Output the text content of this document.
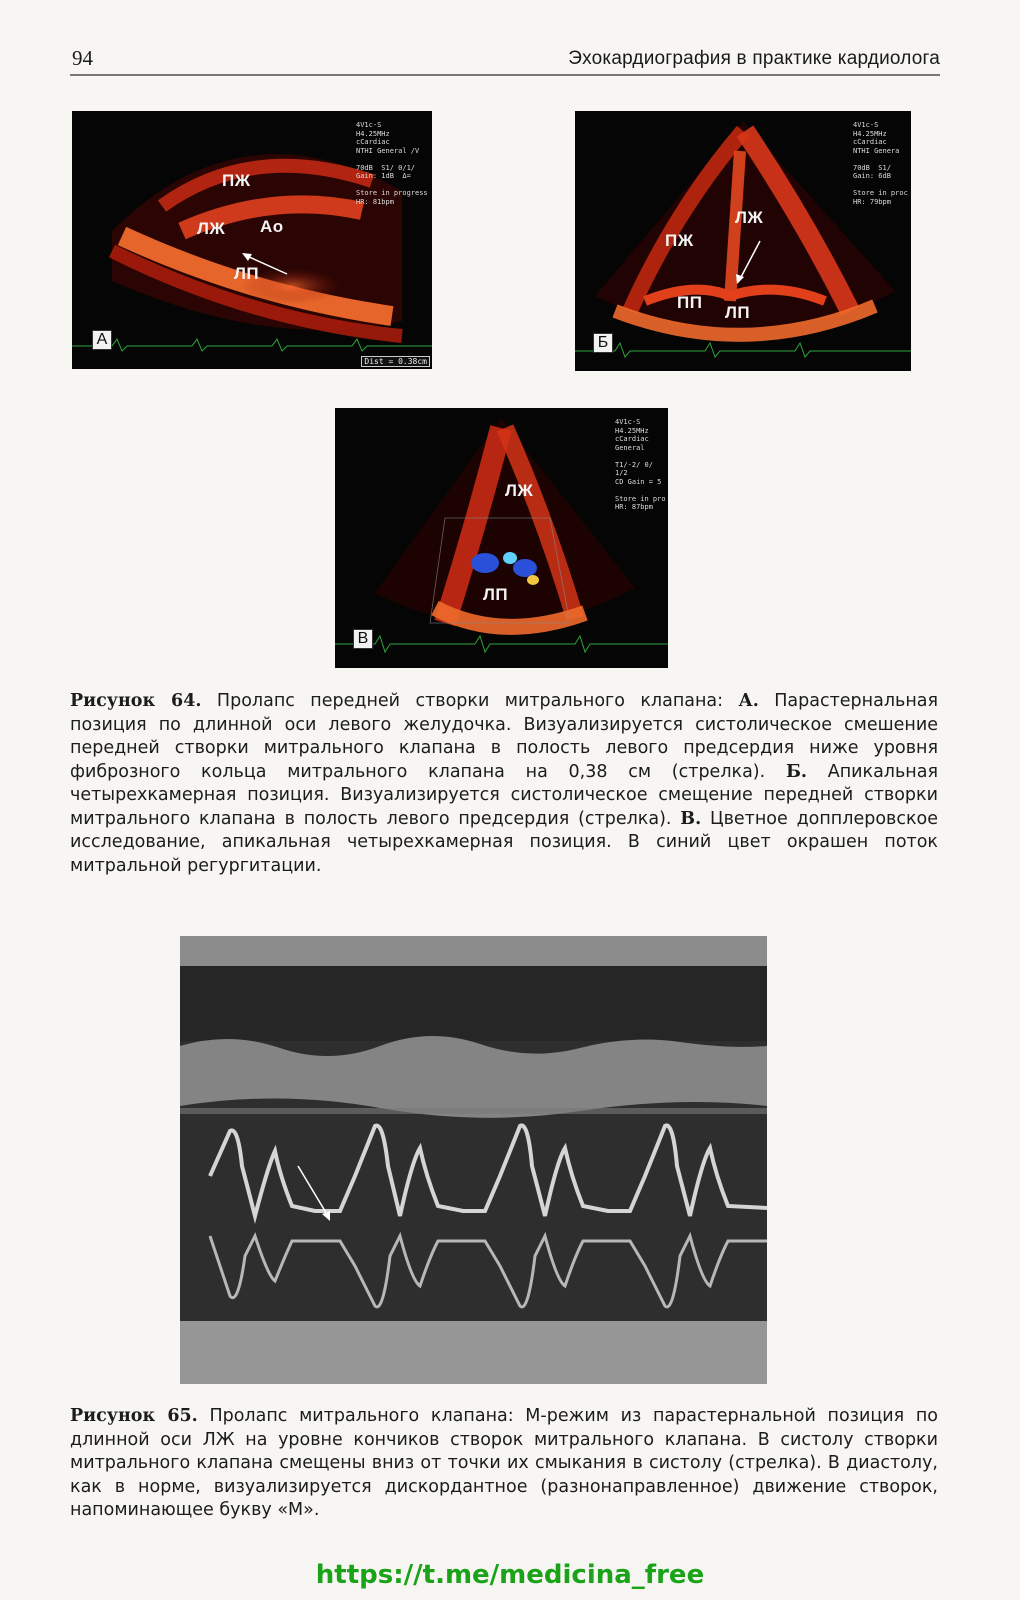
94	Эхокардиография в практике кардиолога
4V1c-S
H4.25MHz
cCardiac
NTHI General /V

70dB  S1/ 0/1/
Gain: 1dB  Δ=

Store in progress
HR: 81bpm
ПЖ
ЛЖ Ао
ЛП
А
Dist = 0.38cm
4V1c-S
H4.25MHz
cCardiac
NTHI Genera

70dB  S1/
Gain: 6dB

Store in proc
HR: 79bpm
ЛЖ
ПЖ
ПП
ЛП
Б
4V1c-S
H4.25MHz
cCardiac
General

T1/-2/ 0/
1/2
CD Gain = 5

Store in pro
HR: 87bpm
ЛЖ
ЛП
В
Рисунок 64. Пролапс передней створки митрального клапана: А. Парастернальная позиция по длинной оси левого желудочка. Визуализируется систолическое смешение передней створки митрального клапана в полость левого предсердия ниже уровня фиброзного кольца митрального клапана на 0,38 см (стрелка). Б. Апикальная четырехкамерная позиция. Визуализируется систолическое смещение передней створки митрального клапана в полость левого предсердия (стрелка). В. Цветное допплеровское исследование, апикальная четырехкамерная позиция. В синий цвет окрашен поток митральной регургитации.
Рисунок 65. Пролапс митрального клапана: М-режим из парастернальной позиция по длинной оси ЛЖ на уровне кончиков створок митрального клапана. В систолу створки митрального клапана смещены вниз от точки их смыкания в систолу (стрелка). В диастолу, как в норме, визуализируется дискордантное (разнонаправленное) движение створок, напоминающее букву «М».
https://t.me/medicina_free
